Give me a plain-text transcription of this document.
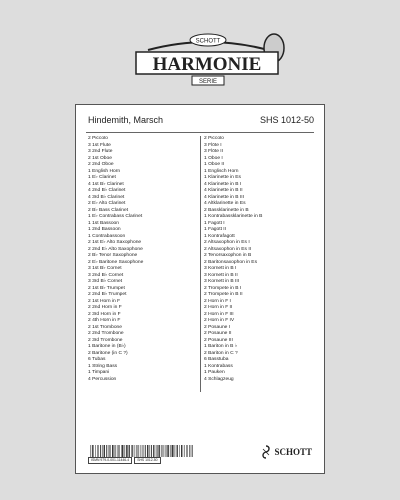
SCHOTT
HARMONIE
SERIE
Hindemith, Marsch	SHS 1012-50
2 Piccolo
3 1st Flute
3 2nd Flute
2 1st Oboe
2 2nd Oboe
1 English Horn
1 E♭ Clarinet
4 1st B♭ Clarinet
4 2nd B♭ Clarinet
4 3rd B♭ Clarinet
2 E♭ Alto Clarinet
2 B♭ Bass Clarinet
1 E♭ Contrabass Clarinet
1 1st Bassoon
1 2nd Bassoon
1 Contrabassoon
2 1st E♭ Alto Saxophone
2 2nd E♭ Alto Saxophone
2 B♭ Tenor Saxophone
2 E♭ Baritone Saxophone
3 1st B♭ Cornet
3 2nd B♭ Cornet
3 3rd B♭ Cornet
2 1st B♭ Trumpet
2 2nd B♭ Trumpet
2 1st Horn in F
2 2nd Horn in F
2 3rd Horn in F
2 4th Horn in F
2 1st Trombone
2 2nd Trombone
2 3rd Trombone
1 Baritone in (B♭)
2 Baritone (in C ?)
6 Tubas
1 String Bass
1 Timpani
4 Percussion
2 Piccolo
3 Flöte I
3 Flöte II
1 Oboe I
1 Oboe II
1 Englisch Horn
1 Klarinette in Es
4 Klarinette in B I
4 Klarinette in B II
4 Klarinette in B III
4 Altklarinette in Es
2 Bassklarinette in B
1 Kontrabassklarinette in B
1 Fagott I
1 Fagott II
1 Kontrafagott
2 Altsaxophon in Es I
2 Altsaxophon in Es II
2 Tenorsaxophon in B
2 Baritonsaxophon in Es
3 Kornett in B I
3 Kornett in B II
3 Kornett in B III
2 Trompete in B I
2 Trompete in B II
2 Horn in F I
2 Horn in F II
2 Horn in F III
2 Horn in F IV
2 Posaune I
2 Posaune II
2 Posaune III
1 Bariton in B ♭
2 Bariton in C ?
6 Basstuba
1 Kontrabass
1 Pauken
4 Schlagzeug
ISMN 979-0-001-11446-4 SHS 1012-50
SCHOTT
